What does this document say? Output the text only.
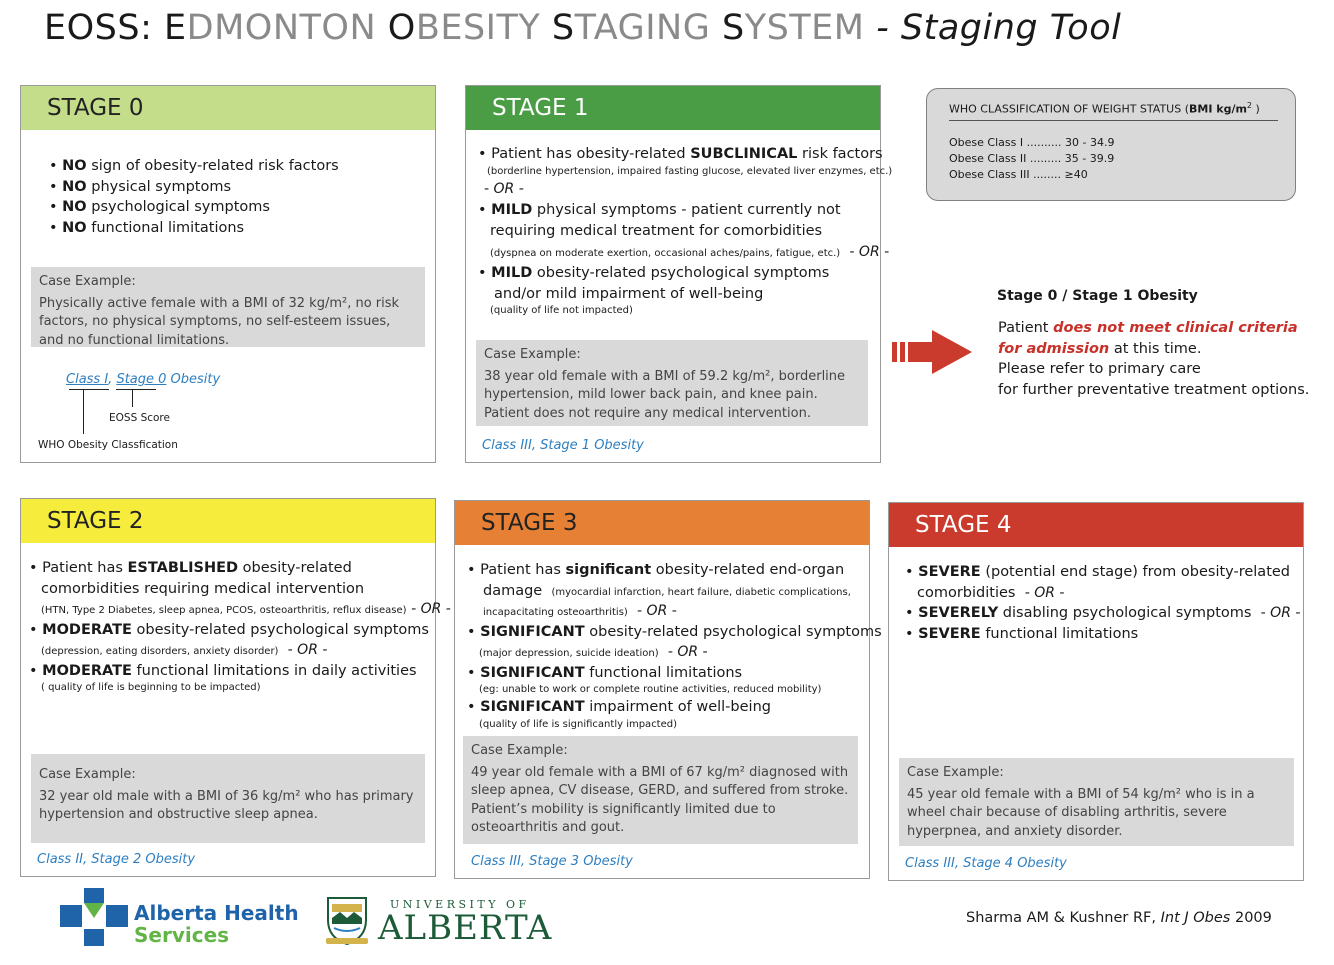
EOSS: EDMONTON OBESITY STAGING SYSTEM - Staging Tool
STAGE 0
• NO sign of obesity-related risk factors
• NO physical symptoms
• NO psychological symptoms
• NO functional limitations
Case Example:
Physically active female with a BMI of 32 kg/m², no risk factors, no physical symptoms, no self-esteem issues, and no functional limitations.
Class I, Stage 0 Obesity
EOSS Score
WHO Obesity Classfication
STAGE 1
• Patient has obesity-related SUBCLINICAL risk factors
(borderline hypertension, impaired fasting glucose, elevated liver enzymes, etc.)
- OR -
• MILD physical symptoms - patient currently not
requiring medical treatment for comorbidities
(dyspnea on moderate exertion, occasional aches/pains, fatigue, etc.) - OR -
• MILD obesity-related psychological symptoms
and/or mild impairment of well-being
(quality of life not impacted)
Case Example:
38 year old female with a BMI of 59.2 kg/m², borderline hypertension, mild lower back pain, and knee pain. Patient does not require any medical intervention.
Class III, Stage 1 Obesity
WHO CLASSIFICATION OF WEIGHT STATUS (BMI $kg/m^2$ )
Obese Class I .......... 30 - 34.9
Obese Class II ......... 35 - 39.9
Obese Class III ........ ≥40
Stage 0 / Stage 1 Obesity
Patient does not meet clinical criteria
for admission at this time.
Please refer to primary care
for further preventative treatment options.
STAGE 2
• Patient has ESTABLISHED obesity-related
comorbidities requiring medical intervention
(HTN, Type 2 Diabetes, sleep apnea, PCOS, osteoarthritis, reflux disease) - OR -
• MODERATE obesity-related psychological symptoms
(depression, eating disorders, anxiety disorder) - OR -
• MODERATE functional limitations in daily activities
( quality of life is beginning to be impacted)
Case Example:
32 year old male with a BMI of 36 kg/m² who has primary hypertension and obstructive sleep apnea.
Class II, Stage 2 Obesity
STAGE 3
• Patient has significant obesity-related end-organ
damage (myocardial infarction, heart failure, diabetic complications,
incapacitating osteoarthritis) - OR -
• SIGNIFICANT obesity-related psychological symptoms
(major depression, suicide ideation) - OR -
• SIGNIFICANT functional limitations
(eg: unable to work or complete routine activities, reduced mobility)
• SIGNIFICANT impairment of well-being
(quality of life is significantly impacted)
Case Example:
49 year old female with a BMI of 67 kg/m² diagnosed with sleep apnea, CV disease, GERD, and suffered from stroke. Patient’s mobility is significantly limited due to osteoarthritis and gout.
Class III, Stage 3 Obesity
STAGE 4
• SEVERE (potential end stage) from obesity-related
comorbidities - OR -
• SEVERELY disabling psychological symptoms - OR -
• SEVERE functional limitations
Case Example:
45 year old female with a BMI of 54 kg/m² who is in a wheel chair because of disabling arthritis, severe hyperpnea, and anxiety disorder.
Class III, Stage 4 Obesity
Alberta Health
Services
UNIVERSITY OF
ALBERTA	Sharma AM & Kushner RF, Int J Obes 2009
